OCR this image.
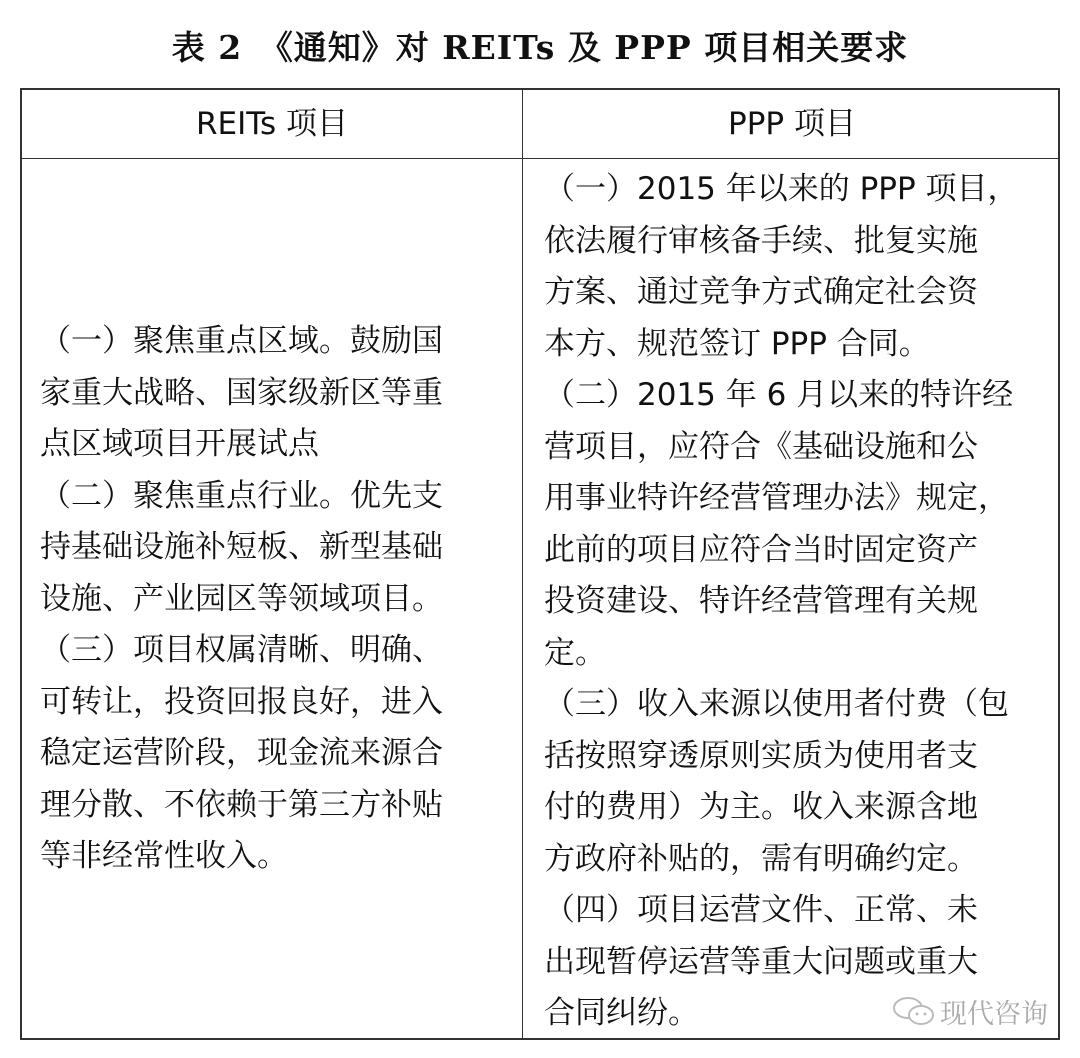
表 2　《通知》对 REITs 及 PPP 项目相关要求
REITs 项目	PPP 项目
（一）聚焦重点区域。鼓励国
家重大战略、国家级新区等重
点区域项目开展试点
（二）聚焦重点行业。优先支
持基础设施补短板、新型基础
设施、产业园区等领域项目。
（三）项目权属清晰、明确、
可转让，投资回报良好，进入
稳定运营阶段，现金流来源合
理分散、不依赖于第三方补贴
等非经常性收入。
（一）2015 年以来的 PPP 项目，
依法履行审核备手续、批复实施
方案、通过竞争方式确定社会资
本方、规范签订 PPP 合同。
（二）2015 年 6 月以来的特许经
营项目，应符合《基础设施和公
用事业特许经营管理办法》规定，
此前的项目应符合当时固定资产
投资建设、特许经营管理有关规
定。
（三）收入来源以使用者付费（包
括按照穿透原则实质为使用者支
付的费用）为主。收入来源含地
方政府补贴的，需有明确约定。
（四）项目运营文件、正常、未
出现暂停运营等重大问题或重大
合同纠纷。	现代咨询
